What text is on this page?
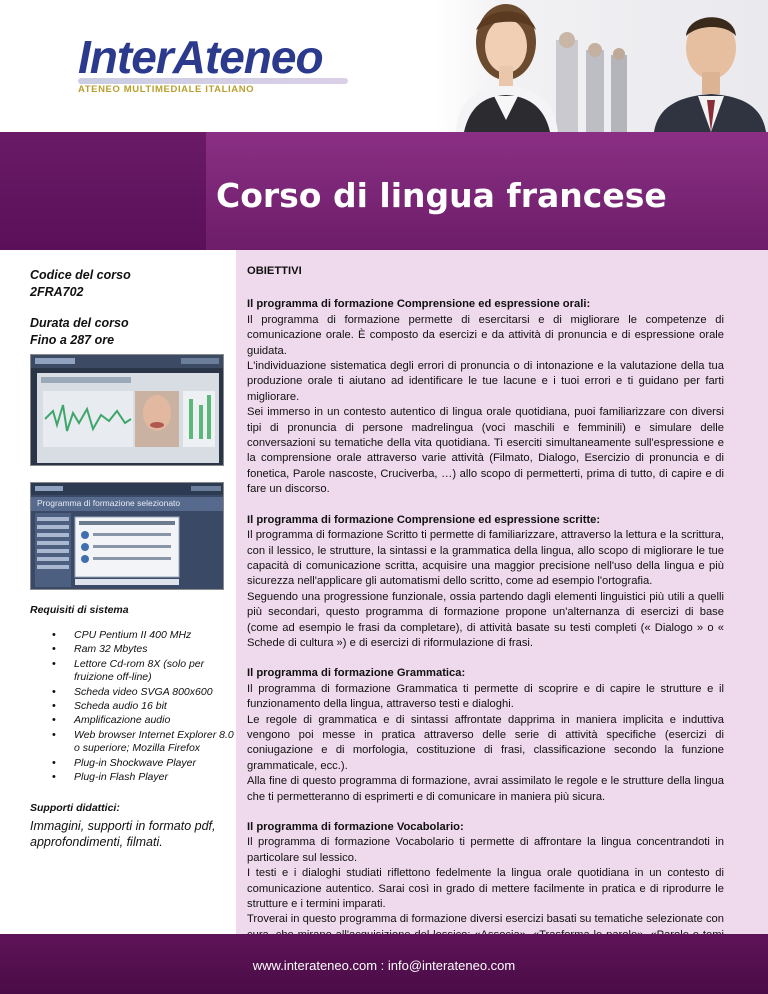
InterAteneo
ATENEO MULTIMEDIALE ITALIANO
Corso di lingua francese
Codice del corso
2FRA702
Durata del corso
Fino a 287 ore
Programma di formazione selezionato
Requisiti di sistema
• CPU Pentium II 400 MHz
• Ram 32 Mbytes
• Lettore Cd-rom 8X (solo per fruizione off-line)
• Scheda video SVGA 800x600
• Scheda audio 16 bit
• Amplificazione audio
• Web browser Internet Explorer 8.0 o superiore; Mozilla Firefox
• Plug-in Shockwave Player
• Plug-in Flash Player
Supporti didattici:
Immagini, supporti in formato pdf, approfondimenti, filmati.
OBIETTIVI
Il programma di formazione Comprensione ed espressione orali:

Il programma di formazione permette di esercitarsi e di migliorare le competenze di comunicazione orale. È composto da esercizi e da attività di pronuncia e di espressione orale guidata.

L'individuazione sistematica degli errori di pronuncia o di intonazione e la valutazione della tua produzione orale ti aiutano ad identificare le tue lacune e i tuoi errori e ti guidano per farti migliorare.

Sei immerso in un contesto autentico di lingua orale quotidiana, puoi familiarizzare con diversi tipi di pronuncia di persone madrelingua (voci maschili e femminili) e simulare delle conversazioni su tematiche della vita quotidiana. Ti eserciti simultaneamente sull'espressione e la comprensione orale attraverso varie attività (Filmato, Dialogo, Esercizio di pronuncia e di fonetica, Parole nascoste, Cruciverba, …) allo scopo di permetterti, prima di tutto, di capire e di fare un discorso.

Il programma di formazione Comprensione ed espressione scritte:

Il programma di formazione Scritto ti permette di familiarizzare, attraverso la lettura e la scrittura, con il lessico, le strutture, la sintassi e la grammatica della lingua, allo scopo di migliorare le tue capacità di comunicazione scritta, acquisire una maggior precisione nell'uso della lingua e più sicurezza nell'applicare gli automatismi dello scritto, come ad esempio l'ortografia.

Seguendo una progressione funzionale, ossia partendo dagli elementi linguistici più utili a quelli più secondari, questo programma di formazione propone un'alternanza di esercizi di base (come ad esempio le frasi da completare), di attività basate su testi completi (« Dialogo » o « Schede di cultura ») e di esercizi di riformulazione di frasi.

Il programma di formazione Grammatica:

Il programma di formazione Grammatica ti permette di scoprire e di capire le strutture e il funzionamento della lingua, attraverso testi e dialoghi.

Le regole di grammatica e di sintassi affrontate dapprima in maniera implicita e induttiva vengono poi messe in pratica attraverso delle serie di attività specifiche (esercizi di coniugazione e di morfologia, costituzione di frasi, classificazione secondo la funzione grammaticale, ecc.).

Alla fine di questo programma di formazione, avrai assimilato le regole e le strutture della lingua che ti permetteranno di esprimerti e di comunicare in maniera più sicura.

Il programma di formazione Vocabolario:

Il programma di formazione Vocabolario ti permette di affrontare la lingua concentrandoti in particolare sul lessico.

I testi e i dialoghi studiati riflettono fedelmente la lingua orale quotidiana in un contesto di comunicazione autentico. Sarai così in grado di mettere facilmente in pratica e di riprodurre le strutture e i termini imparati.

Troverai in questo programma di formazione diversi esercizi basati su tematiche selezionate con

www.interateneo.com : info@interateneo.com
